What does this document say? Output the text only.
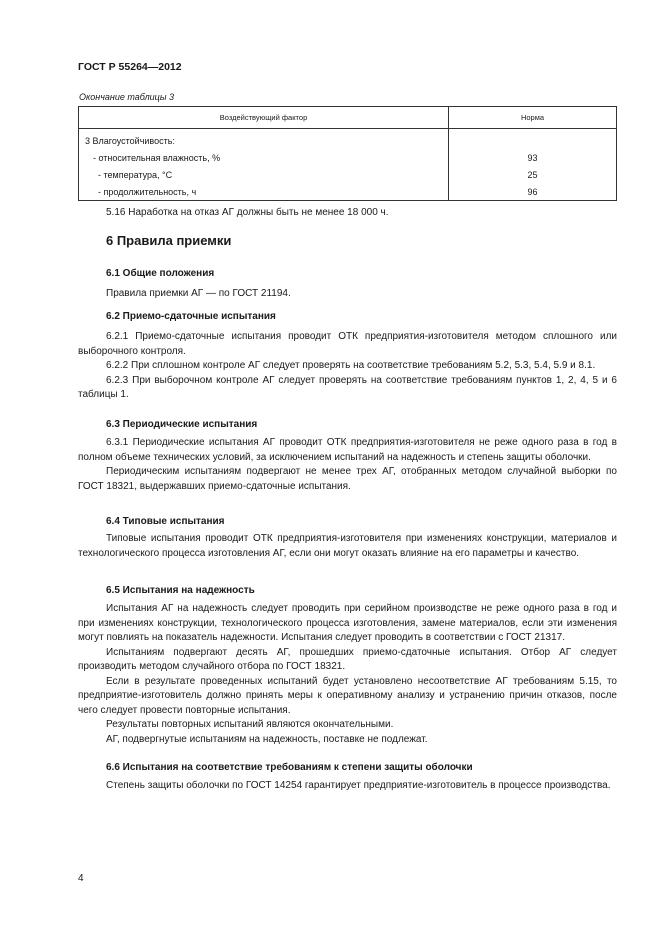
ГОСТ Р 55264—2012
Окончание таблицы 3
Воздействующий фактор	Норма
3 Влагоустойчивость:	
- относительная влажность, %	93
- температура, °С	25
- продолжительность, ч	96
5.16 Наработка на отказ АГ должны быть не менее 18 000 ч.
6 Правила приемки
6.1 Общие положения
Правила приемки АГ — по ГОСТ 21194.
6.2 Приемо-сдаточные испытания

6.2.1 Приемо-сдаточные испытания проводит ОТК предприятия-изготовителя методом сплошного или выборочного контроля.

6.2.2 При сплошном контроле АГ следует проверять на соответствие требованиям 5.2, 5.3, 5.4, 5.9 и 8.1.

6.2.3 При выборочном контроле АГ следует проверять на соответствие требованиям пунктов 1, 2, 4, 5 и 6 таблицы 1.

6.3 Периодические испытания

6.3.1 Периодические испытания АГ проводит ОТК предприятия-изготовителя не реже одного раза в год в полном объеме технических условий, за исключением испытаний на надежность и степень защиты оболочки.

Периодическим испытаниям подвергают не менее трех АГ, отобранных методом случайной выборки по ГОСТ 18321, выдержавших приемо-сдаточные испытания.

6.4 Типовые испытания

Типовые испытания проводит ОТК предприятия-изготовителя при изменениях конструкции, материалов и технологического процесса изготовления АГ, если они могут оказать влияние на его параметры и качество.

6.5 Испытания на надежность

Испытания АГ на надежность следует проводить при серийном производстве не реже одного раза в год и при изменениях конструкции, технологического процесса изготовления, замене материалов, если эти изменения могут повлиять на показатель надежности. Испытания следует проводить в соответствии с ГОСТ 21317.

Испытаниям подвергают десять АГ, прошедших приемо-сдаточные испытания. Отбор АГ следует производить методом случайного отбора по ГОСТ 18321.

Если в результате проведенных испытаний будет установлено несоответствие АГ требованиям 5.15, то предприятие-изготовитель должно принять меры к оперативному анализу и устранению причин отказов, после чего следует провести повторные испытания.

Результаты повторных испытаний являются окончательными.

АГ, подвергнутые испытаниям на надежность, поставке не подлежат.

6.6 Испытания на соответствие требованиям к степени защиты оболочки

Степень защиты оболочки по ГОСТ 14254 гарантирует предприятие-изготовитель в процессе производства.

4
